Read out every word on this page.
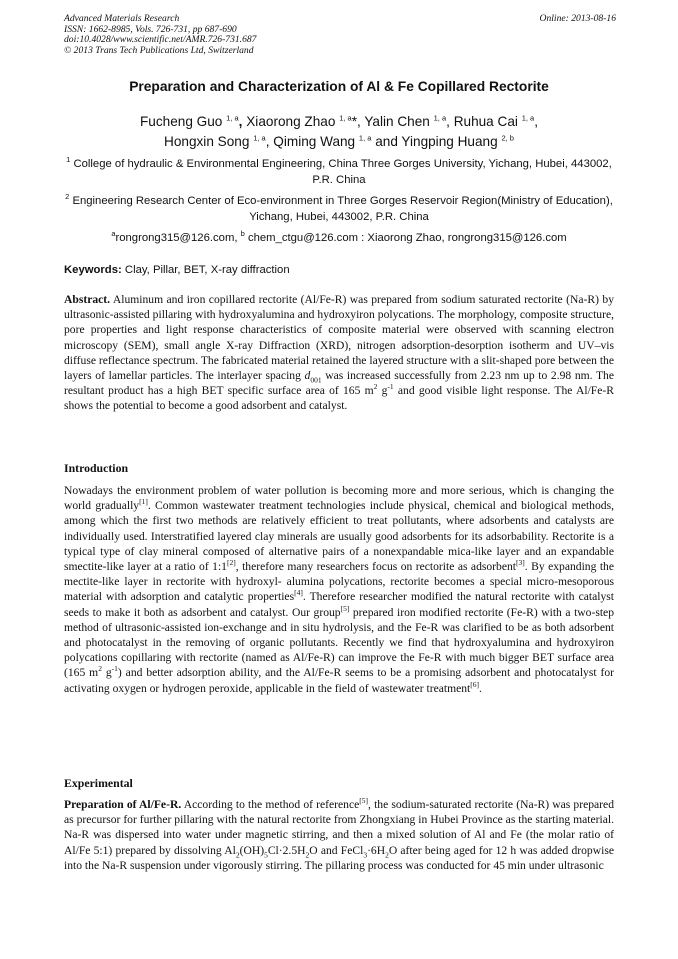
Advanced Materials Research
ISSN: 1662-8985, Vols. 726-731, pp 687-690
doi:10.4028/www.scientific.net/AMR.726-731.687
© 2013 Trans Tech Publications Ltd, Switzerland
Online: 2013-08-16
Preparation and Characterization of Al & Fe Copillared Rectorite
Fucheng Guo $^{1, a}$, Xiaorong Zhao $^{1, a}$*, Yalin Chen $^{1, a}$, Ruhua Cai $^{1, a}$,
Hongxin Song $^{1, a}$, Qiming Wang $^{1, a}$ and Yingping Huang $^{2, b}$
$^1$ College of hydraulic & Environmental Engineering, China Three Gorges University, Yichang, Hubei, 443002, P.R. China
$^2$ Engineering Research Center of Eco-environment in Three Gorges Reservoir Region(Ministry of Education), Yichang, Hubei, 443002, P.R. China
$^a$rongrong315@126.com, $^b$ chem_ctgu@126.com : Xiaorong Zhao, rongrong315@126.com
Keywords: Clay, Pillar, BET, X-ray diffraction
Abstract. Aluminum and iron copillared rectorite (Al/Fe-R) was prepared from sodium saturated rectorite (Na-R) by ultrasonic-assisted pillaring with hydroxyalumina and hydroxyiron polycations. The morphology, composite structure, pore properties and light response characteristics of composite material were observed with scanning electron microscopy (SEM), small angle X-ray Diffraction (XRD), nitrogen adsorption-desorption isotherm and UV–vis diffuse reflectance spectrum. The fabricated material retained the layered structure with a slit-shaped pore between the layers of lamellar particles. The interlayer spacing $d_{001}$ was increased successfully from 2.23 nm up to 2.98 nm. The resultant product has a high BET specific surface area of 165 $m^2$ $g^{-1}$ and good visible light response. The Al/Fe-R shows the potential to become a good adsorbent and catalyst.
Introduction
Nowadays the environment problem of water pollution is becoming more and more serious, which is changing the world gradually[1]. Common wastewater treatment technologies include physical, chemical and biological methods, among which the first two methods are relatively efficient to treat pollutants, where adsorbents and catalysts are individually used. Interstratified layered clay minerals are usually good adsorbents for its adsorbability. Rectorite is a typical type of clay mineral composed of alternative pairs of a nonexpandable mica-like layer and an expandable smectite-like layer at a ratio of 1:1[2], therefore many researchers focus on rectorite as adsorbent[3]. By expanding the mectite-like layer in rectorite with hydroxyl- alumina polycations, rectorite becomes a special micro-mesoporous material with adsorption and catalytic properties[4]. Therefore researcher modified the natural rectorite with catalyst seeds to make it both as adsorbent and catalyst. Our group[5] prepared iron modified rectorite (Fe-R) with a two-step method of ultrasonic-assisted ion-exchange and in situ hydrolysis, and the Fe-R was clarified to be as both adsorbent and photocatalyst in the removing of organic pollutants. Recently we find that hydroxyalumina and hydroxyiron polycations copillaring with rectorite (named as Al/Fe-R) can improve the Fe-R with much bigger BET surface area (165 $m^2$ $g^{-1}$) and better adsorption ability, and the Al/Fe-R seems to be a promising adsorbent and photocatalyst for activating oxygen or hydrogen peroxide, applicable in the field of wastewater treatment[6].
Experimental
Preparation of Al/Fe-R. According to the method of reference[5], the sodium-saturated rectorite (Na-R) was prepared as precursor for further pillaring with the natural rectorite from Zhongxiang in Hubei Province as the starting material. Na-R was dispersed into water under magnetic stirring, and then a mixed solution of Al and Fe (the molar ratio of Al/Fe 5:1) prepared by dissolving $Al_2(OH)_5Cl\cdot 2.5H_2O$ and $FeCl_3\cdot 6H_2O$ after being aged for 12 h was added dropwise into the Na-R suspension under vigorously stirring. The pillaring process was conducted for 45 min under ultrasonic
